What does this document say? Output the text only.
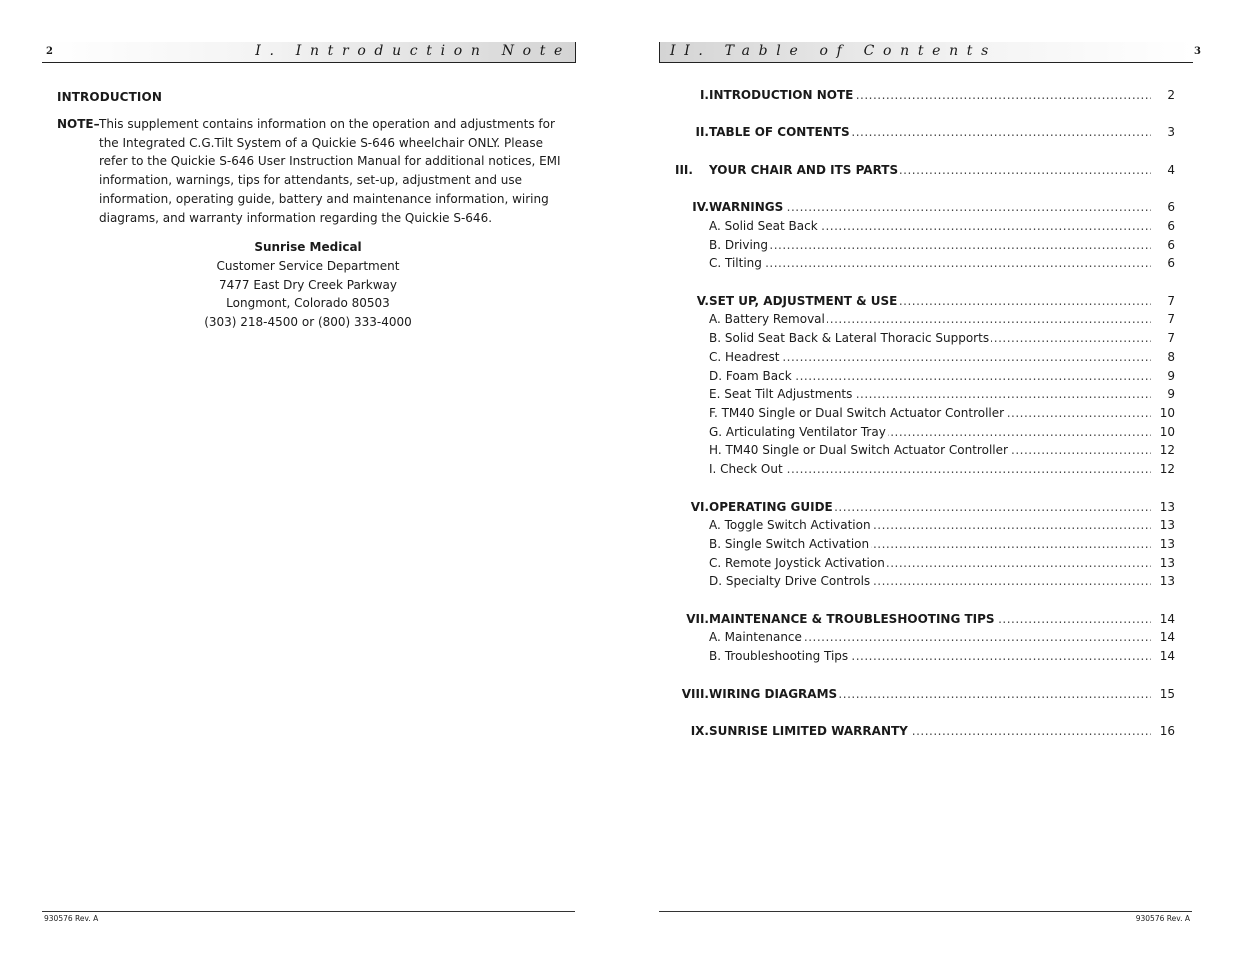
2	I. Introduction Note
INTRODUCTION
NOTE– This supplement contains information on the operation and adjustments for the Integrated C.G.Tilt System of a Quickie S-646 wheelchair ONLY. Please refer to the Quickie S-646 User Instruction Manual for additional notices, EMI information, warnings, tips for attendants, set-up, adjustment and use information, operating guide, battery and maintenance information, wiring diagrams, and warranty information regarding the Quickie S-646.
Sunrise Medical
Customer Service Department
7477 East Dry Creek Parkway
Longmont, Colorado 80503
(303) 218-4500 or (800) 333-4000
930576 Rev. A
II. Table of Contents	3
I. INTRODUCTION NOTE .....	2
II. TABLE OF CONTENTS .....	3
III. YOUR CHAIR AND ITS PARTS .....	4
IV. WARNINGS .....	6
A. Solid Seat Back .....	6
B. Driving .....	6
C. Tilting .....	6
V. SET UP, ADJUSTMENT & USE .....	7
A. Battery Removal .....	7
B. Solid Seat Back & Lateral Thoracic Supports .....	7
C. Headrest .....	8
D. Foam Back .....	9
E. Seat Tilt Adjustments .....	9
F. TM40 Single or Dual Switch Actuator Controller .....	10
G. Articulating Ventilator Tray .....	10
H. TM40 Single or Dual Switch Actuator Controller .....	12
I. Check Out .....	12
VI. OPERATING GUIDE .....	13
A. Toggle Switch Activation .....	13
B. Single Switch Activation .....	13
C. Remote Joystick Activation .....	13
D. Specialty Drive Controls .....	13
VII. MAINTENANCE & TROUBLESHOOTING TIPS .....	14
A. Maintenance .....	14
B. Troubleshooting Tips .....	14
VIII. WIRING DIAGRAMS .....	15
IX. SUNRISE LIMITED WARRANTY .....	16
930576 Rev. A
